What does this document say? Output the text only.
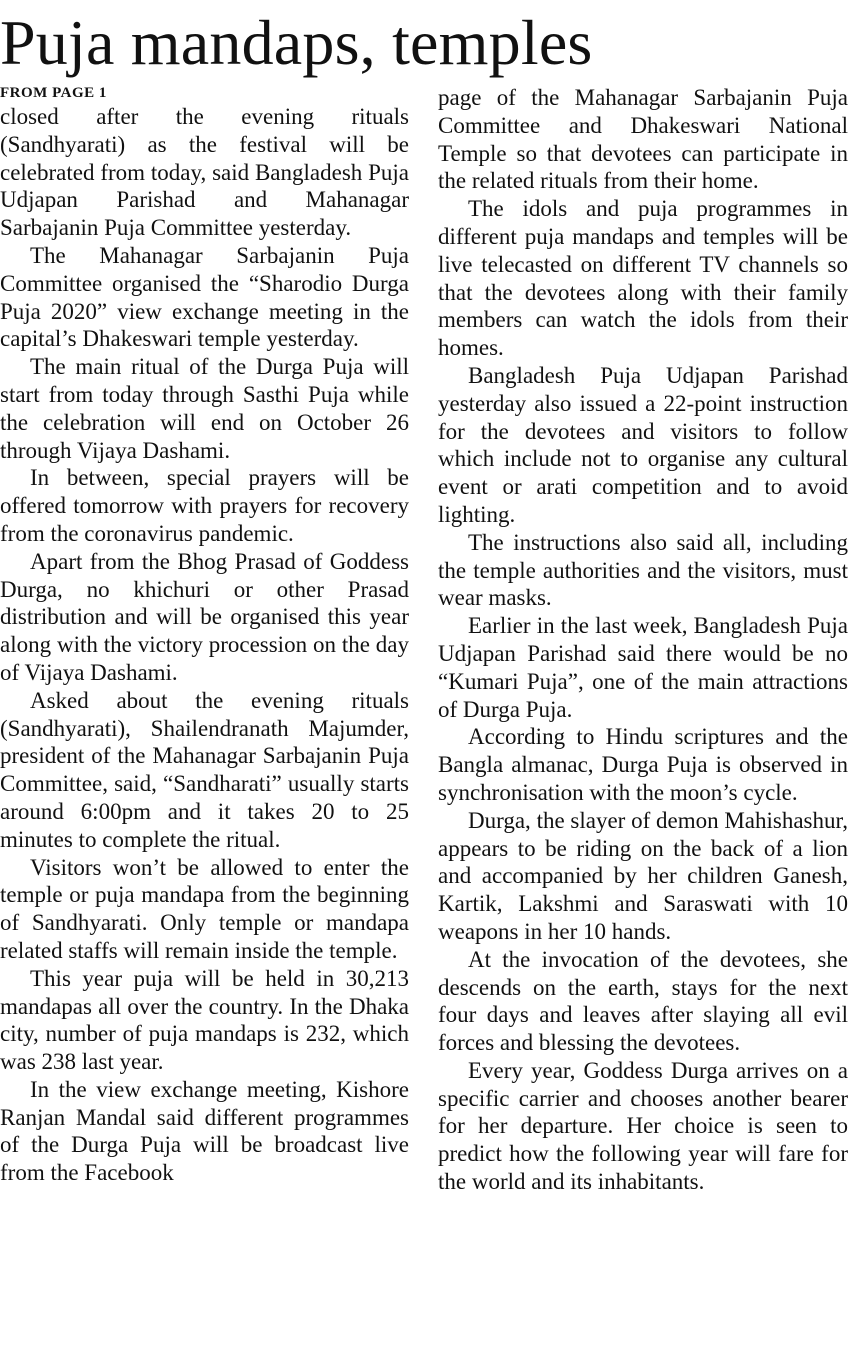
Puja mandaps, temples

FROM PAGE 1

closed after the evening rituals (Sandhyarati) as the festival will be celebrated from today, said Bangladesh Puja Udjapan Parishad and Mahanagar Sarbajanin Puja Committee yesterday.

The Mahanagar Sarbajanin Puja Committee organised the “Sharodio Durga Puja 2020” view exchange meeting in the capital’s Dhakeswari temple yesterday.

The main ritual of the Durga Puja will start from today through Sasthi Puja while the celebration will end on October 26 through Vijaya Dashami.

In between, special prayers will be offered tomorrow with prayers for recovery from the coronavirus pandemic.

Apart from the Bhog Prasad of Goddess Durga, no khichuri or other Prasad distribution and will be organised this year along with the victory procession on the day of Vijaya Dashami.

Asked about the evening rituals (Sandhyarati), Shailendranath Majumder, president of the Mahanagar Sarbajanin Puja Committee, said, “Sandharati” usually starts around 6:00pm and it takes 20 to 25 minutes to complete the ritual.

Visitors won’t be allowed to enter the temple or puja mandapa from the beginning of Sandhyarati. Only temple or mandapa related staffs will remain inside the temple.

This year puja will be held in 30,213 mandapas all over the country. In the Dhaka city, number of puja mandaps is 232, which was 238 last year.

In the view exchange meeting, Kishore Ranjan Mandal said different programmes of the Durga Puja will be broadcast live from the Facebook

page of the Mahanagar Sarbajanin Puja Committee and Dhakeswari National Temple so that devotees can participate in the related rituals from their home.

The idols and puja programmes in different puja mandaps and temples will be live telecasted on different TV channels so that the devotees along with their family members can watch the idols from their homes.

Bangladesh Puja Udjapan Parishad yesterday also issued a 22-point instruction for the devotees and visitors to follow which include not to organise any cultural event or arati competition and to avoid lighting.

The instructions also said all, including the temple authorities and the visitors, must wear masks.

Earlier in the last week, Bangladesh Puja Udjapan Parishad said there would be no “Kumari Puja”, one of the main attractions of Durga Puja.

According to Hindu scriptures and the Bangla almanac, Durga Puja is observed in synchronisation with the moon’s cycle.

Durga, the slayer of demon Mahishashur, appears to be riding on the back of a lion and accompanied by her children Ganesh, Kartik, Lakshmi and Saraswati with 10 weapons in her 10 hands.

At the invocation of the devotees, she descends on the earth, stays for the next four days and leaves after slaying all evil forces and blessing the devotees.

Every year, Goddess Durga arrives on a specific carrier and chooses another bearer for her departure. Her choice is seen to predict how the following year will fare for the world and its inhabitants.
